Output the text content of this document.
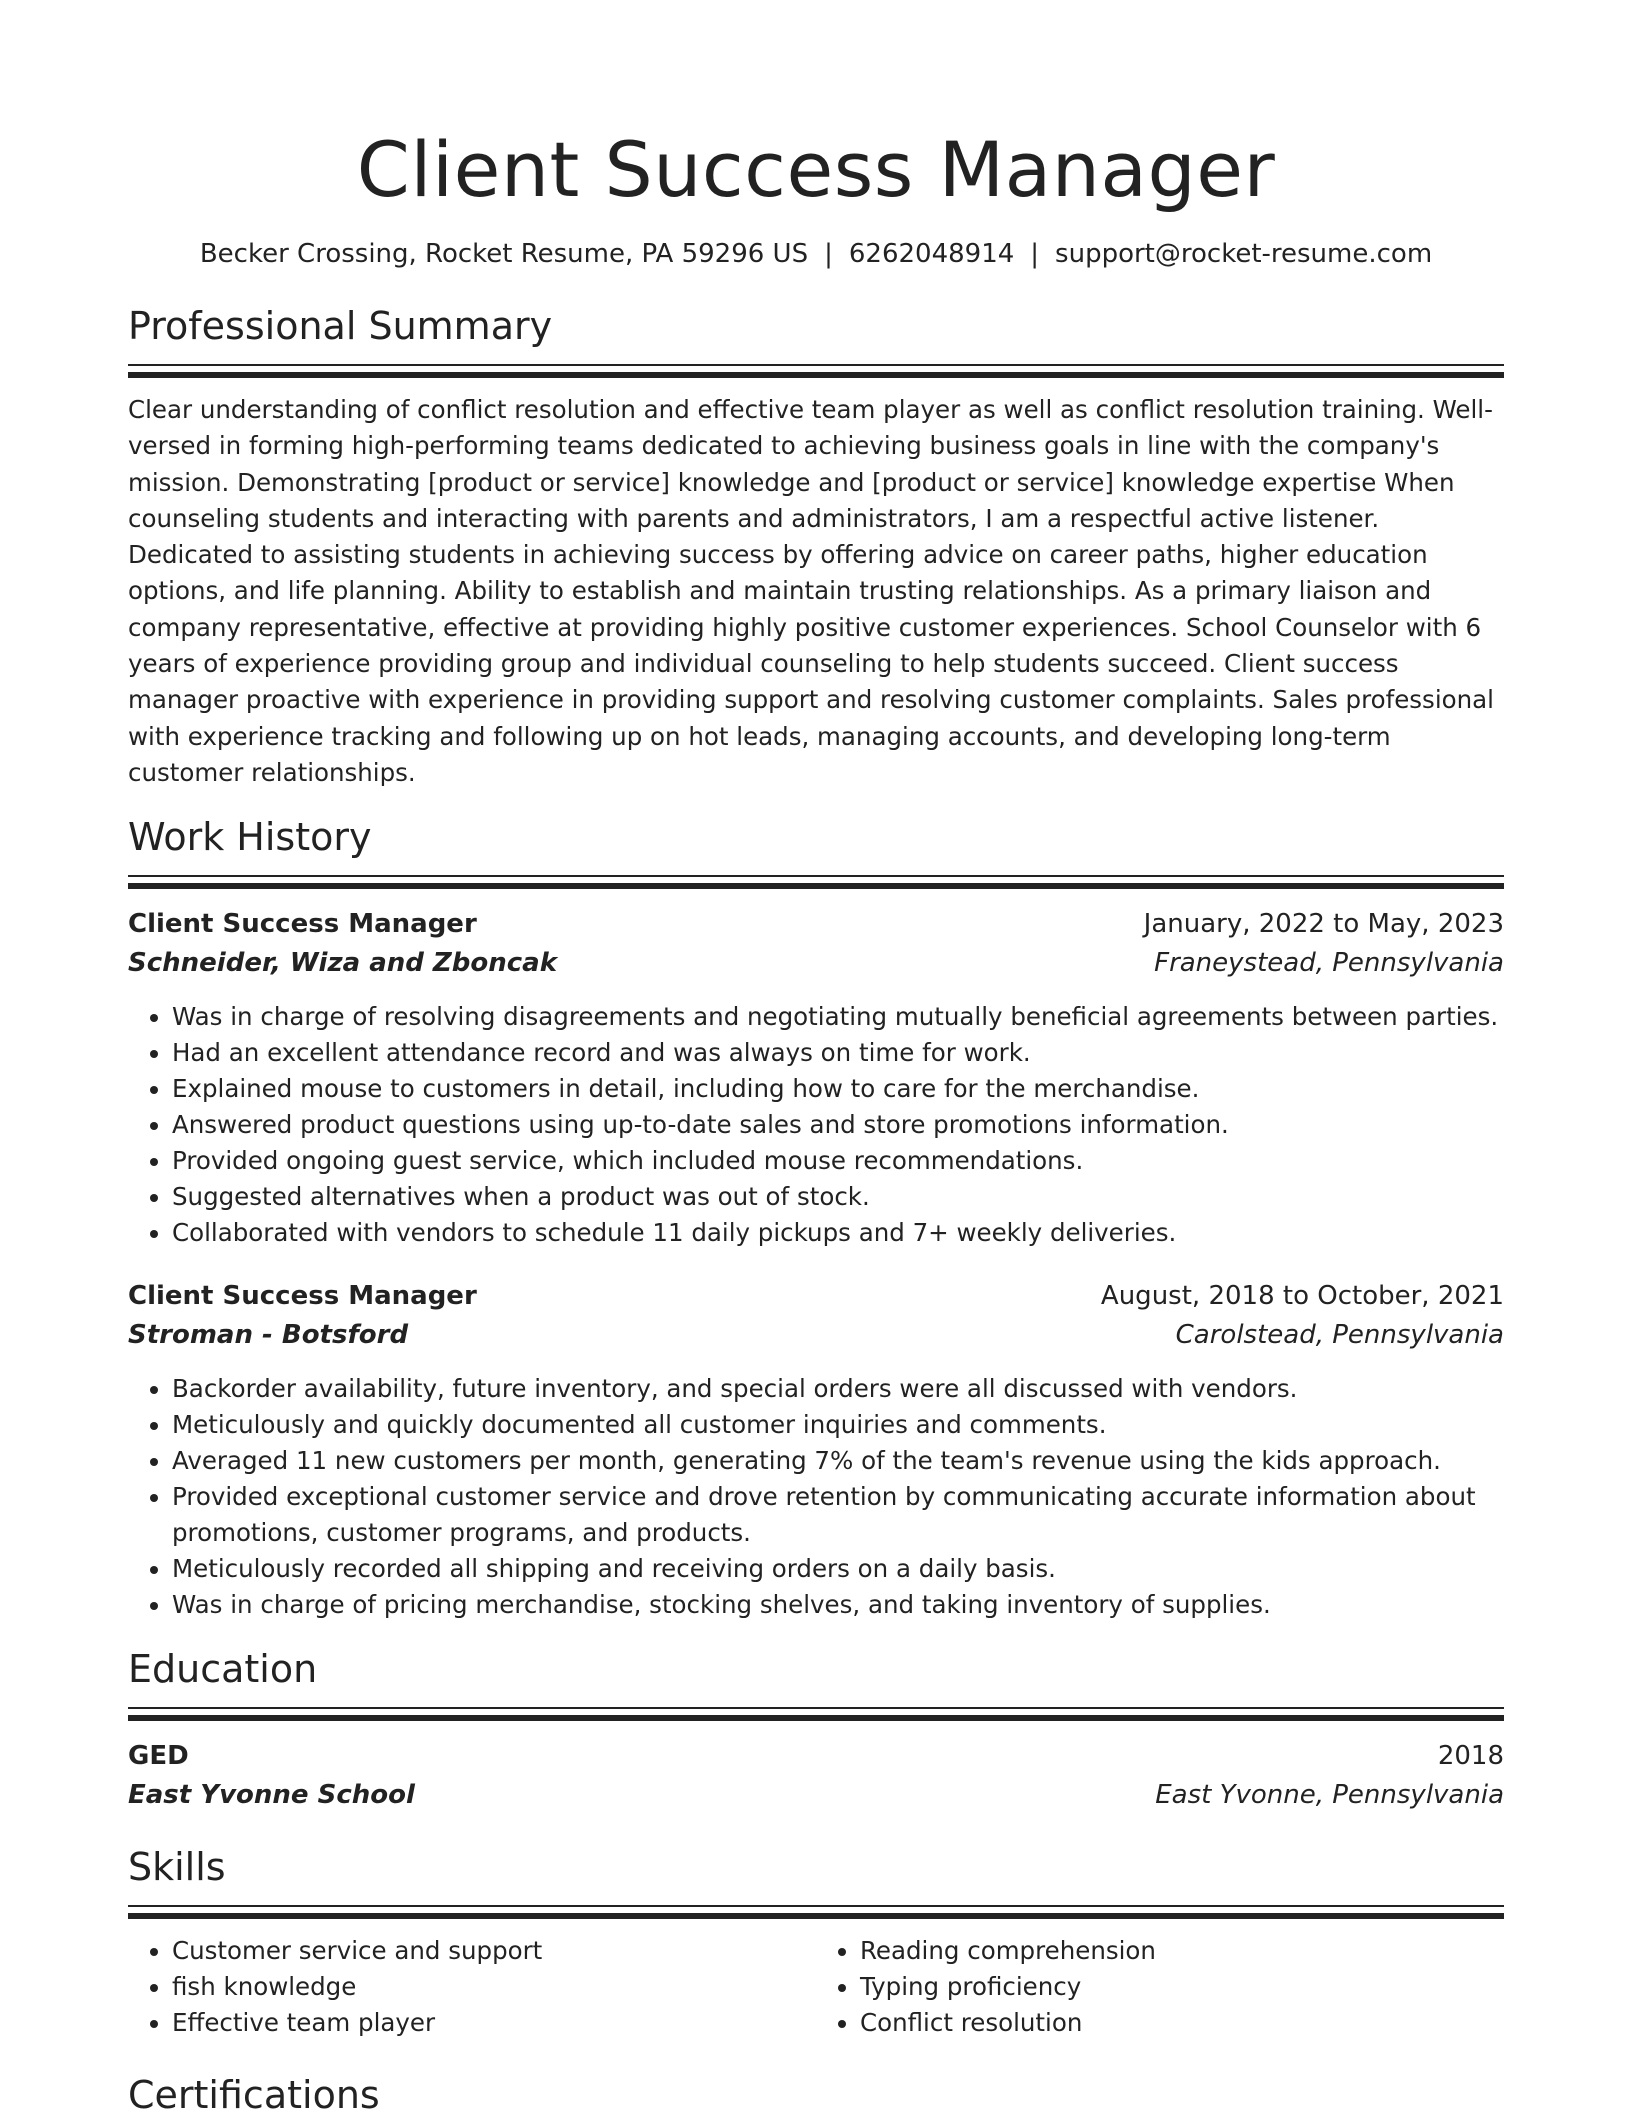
Client Success Manager
Becker Crossing, Rocket Resume, PA 59296 US | 6262048914 | support@rocket-resume.com
Professional Summary
Clear understanding of conflict resolution and effective team player as well as conflict resolution training. Well-versed in forming high-performing teams dedicated to achieving business goals in line with the company's mission. Demonstrating [product or service] knowledge and [product or service] knowledge expertise When counseling students and interacting with parents and administrators, I am a respectful active listener. Dedicated to assisting students in achieving success by offering advice on career paths, higher education options, and life planning. Ability to establish and maintain trusting relationships. As a primary liaison and company representative, effective at providing highly positive customer experiences. School Counselor with 6 years of experience providing group and individual counseling to help students succeed. Client success manager proactive with experience in providing support and resolving customer complaints. Sales professional with experience tracking and following up on hot leads, managing accounts, and developing long-term customer relationships.
Work History
Client Success Manager	January, 2022 to May, 2023
Schneider, Wiza and Zboncak	Franeystead, Pennsylvania
• Was in charge of resolving disagreements and negotiating mutually beneficial agreements between parties.
• Had an excellent attendance record and was always on time for work.
• Explained mouse to customers in detail, including how to care for the merchandise.
• Answered product questions using up-to-date sales and store promotions information.
• Provided ongoing guest service, which included mouse recommendations.
• Suggested alternatives when a product was out of stock.
• Collaborated with vendors to schedule 11 daily pickups and 7+ weekly deliveries.
Client Success Manager	August, 2018 to October, 2021
Stroman - Botsford	Carolstead, Pennsylvania
• Backorder availability, future inventory, and special orders were all discussed with vendors.
• Meticulously and quickly documented all customer inquiries and comments.
• Averaged 11 new customers per month, generating 7% of the team's revenue using the kids approach.
• Provided exceptional customer service and drove retention by communicating accurate information about promotions, customer programs, and products.
• Meticulously recorded all shipping and receiving orders on a daily basis.
• Was in charge of pricing merchandise, stocking shelves, and taking inventory of supplies.
Education
GED	2018
East Yvonne School	East Yvonne, Pennsylvania
Skills
• Customer service and support
• fish knowledge
• Effective team player
• Reading comprehension
• Typing proficiency
• Conflict resolution
Certifications
